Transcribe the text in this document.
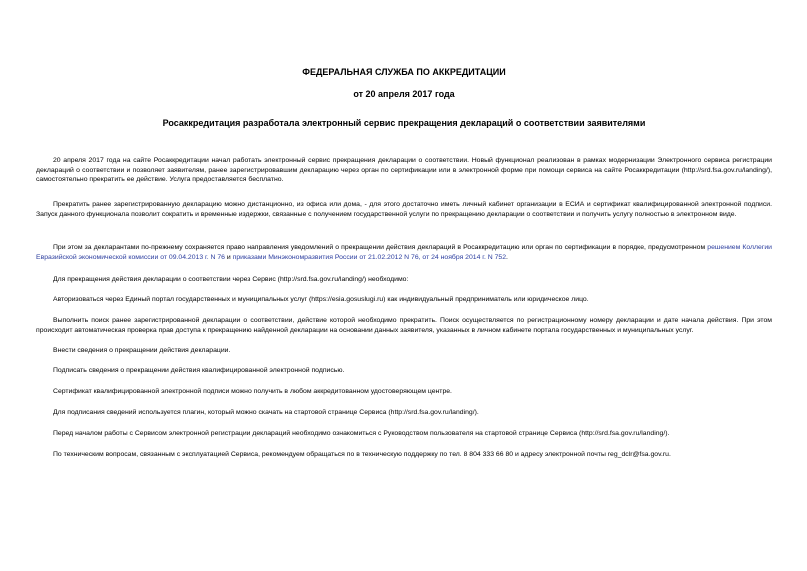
ФЕДЕРАЛЬНАЯ СЛУЖБА ПО АККРЕДИТАЦИИ
от 20 апреля 2017 года
Росаккредитация разработала электронный сервис прекращения деклараций о соответствии заявителями

20 апреля 2017 года на сайте Росаккредитации начал работать электронный сервис прекращения декларации о соответствии. Новый функционал реализован в рамках модернизации Электронного сервиса регистрации деклараций о соответствии и позволяет заявителям, ранее зарегистрировавшим декларацию через орган по сертификации или в электронной форме при помощи сервиса на сайте Росаккредитации (http://srd.fsa.gov.ru/landing/), самостоятельно прекратить ее действие. Услуга предоставляется бесплатно.

Прекратить ранее зарегистрированную декларацию можно дистанционно, из офиса или дома, - для этого достаточно иметь личный кабинет организации в ЕСИА и сертификат квалифицированной электронной подписи. Запуск данного функционала позволит сократить и временные издержки, связанные с получением государственной услуги по прекращению декларации о соответствии и получить услугу полностью в электронном виде.

При этом за декларантами по-прежнему сохраняется право направления уведомлений о прекращении действия деклараций в Росаккредитацию или орган по сертификации в порядке, предусмотренном решением Коллегии Евразийской экономической комиссии от 09.04.2013 г. N 76 и приказами Минэкономразвития России от 21.02.2012 N 76, от 24 ноября 2014 г. N 752.

Для прекращения действия декларации о соответствии через Сервис (http://srd.fsa.gov.ru/landing/) необходимо:

Авторизоваться через Единый портал государственных и муниципальных услуг (https://esia.gosuslugi.ru) как индивидуальный предприниматель или юридическое лицо.

Выполнить поиск ранее зарегистрированной декларации о соответствии, действие которой необходимо прекратить. Поиск осуществляется по регистрационному номеру декларации и дате начала действия. При этом происходит автоматическая проверка прав доступа к прекращению найденной декларации на основании данных заявителя, указанных в личном кабинете портала государственных и муниципальных услуг.

Внести сведения о прекращении действия декларации.

Подписать сведения о прекращении действия квалифицированной электронной подписью.

Сертификат квалифицированной электронной подписи можно получить в любом аккредитованном удостоверяющем центре.

Для подписания сведений используется плагин, который можно скачать на стартовой странице Сервиса (http://srd.fsa.gov.ru/landing/).

Перед началом работы с Сервисом электронной регистрации деклараций необходимо ознакомиться с Руководством пользователя на стартовой странице Сервиса (http://srd.fsa.gov.ru/landing/).

По техническим вопросам, связанным с эксплуатацией Сервиса, рекомендуем обращаться по в техническую поддержку по тел. 8 804 333 66 80 и адресу электронной почты reg_dclr@fsa.gov.ru.
